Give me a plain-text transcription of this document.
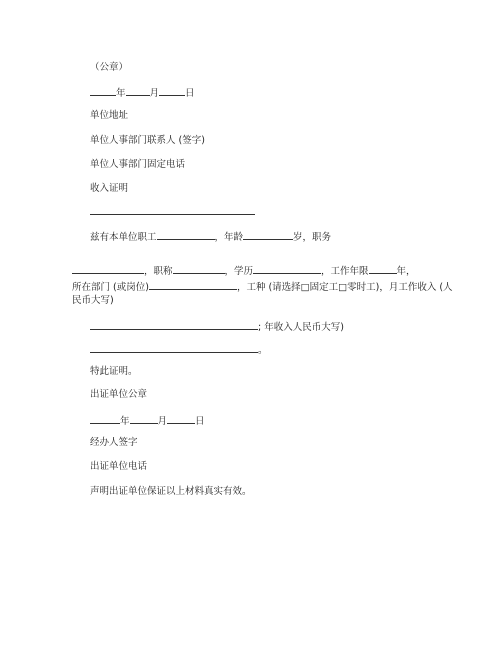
（公章）
年	月	日
单位地址
单位人事部门联系人 (签字)
单位人事部门固定电话
收入证明
兹有本单位职工	，年龄	岁，职务
，职称	，学历	，工作年限	年，
所在部门 (或岗位)	，工种 (请选择□固定工□零时工)，月工作收入 (人
民币大写)
; 年收入人民币大写)
。
特此证明。
出证单位公章
年	月	日
经办人签字
出证单位电话
声明出证单位保证以上材料真实有效。
